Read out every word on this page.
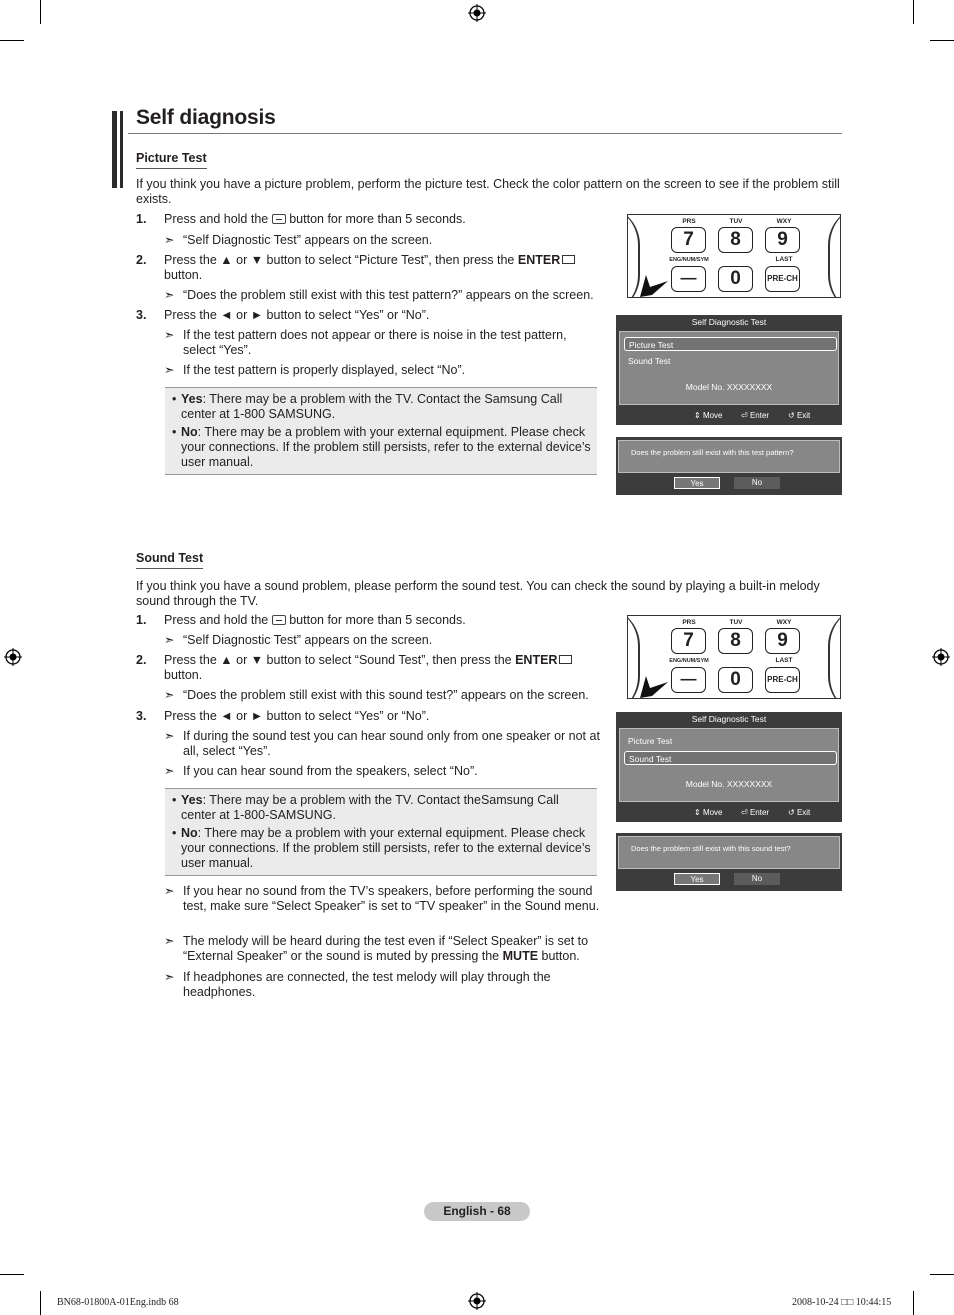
Self diagnosis
Picture Test
If you think you have a picture problem, perform the picture test. Check the color pattern on the screen to see if the problem still exists.
1. Press and hold the button for more than 5 seconds.
➣ “Self Diagnostic Test” appears on the screen.
2. Press the ▲ or ▼ button to select “Picture Test”, then press the ENTER
button.
➣ “Does the problem still exist with this test pattern?” appears on the screen.
3. Press the ◄ or ► button to select “Yes” or “No”.
➣ If the test pattern does not appear or there is noise in the test pattern, select “Yes”.
➣ If the test pattern is properly displayed, select “No”.
• Yes: There may be a problem with the TV. Contact the Samsung Call center at 1-800 SAMSUNG.
• No: There may be a problem with your external equipment. Please check your connections. If the problem still persists, refer to the external device’s user manual.
PRS	TUV	WXY
7	8	9
ENG/NUM/SYM	LAST
—	0	PRE-CH
Self Diagnostic Test
Picture Test
Sound Test
Model No. XXXXXXXX
⇕ Move ⏎ Enter ↺ Exit
Does the problem still exist with this test pattern?
Yes	No
Sound Test
If you think you have a sound problem, please perform the sound test. You can check the sound by playing a built-in melody sound through the TV.
1. Press and hold the button for more than 5 seconds.
➣ “Self Diagnostic Test” appears on the screen.
2. Press the ▲ or ▼ button to select “Sound Test”, then press the ENTER
button.
➣ “Does the problem still exist with this sound test?” appears on the screen.
3. Press the ◄ or ► button to select “Yes” or “No”.
➣ If during the sound test you can hear sound only from one speaker or not at all, select “Yes”.
➣ If you can hear sound from the speakers, select “No”.
• Yes: There may be a problem with the TV. Contact theSamsung Call center at 1-800-SAMSUNG.
• No: There may be a problem with your external equipment. Please check your connections. If the problem still persists, refer to the external device’s user manual.
➣ If you hear no sound from the TV’s speakers, before performing the sound test, make sure “Select Speaker” is set to “TV speaker” in the Sound menu.
➣ The melody will be heard during the test even if “Select Speaker” is set to “External Speaker” or the sound is muted by pressing the MUTE button.
➣ If headphones are connected, the test melody will play through the headphones.
PRS	TUV	WXY
7	8	9
ENG/NUM/SYM	LAST
—	0	PRE-CH
Self Diagnostic Test
Picture Test
Sound Test
Model No. XXXXXXXX
⇕ Move ⏎ Enter ↺ Exit
Does the problem still exist with this sound test?
Yes	No
English - 68
BN68-01800A-01Eng.indb 68	2008-10-24 □□ 10:44:15
